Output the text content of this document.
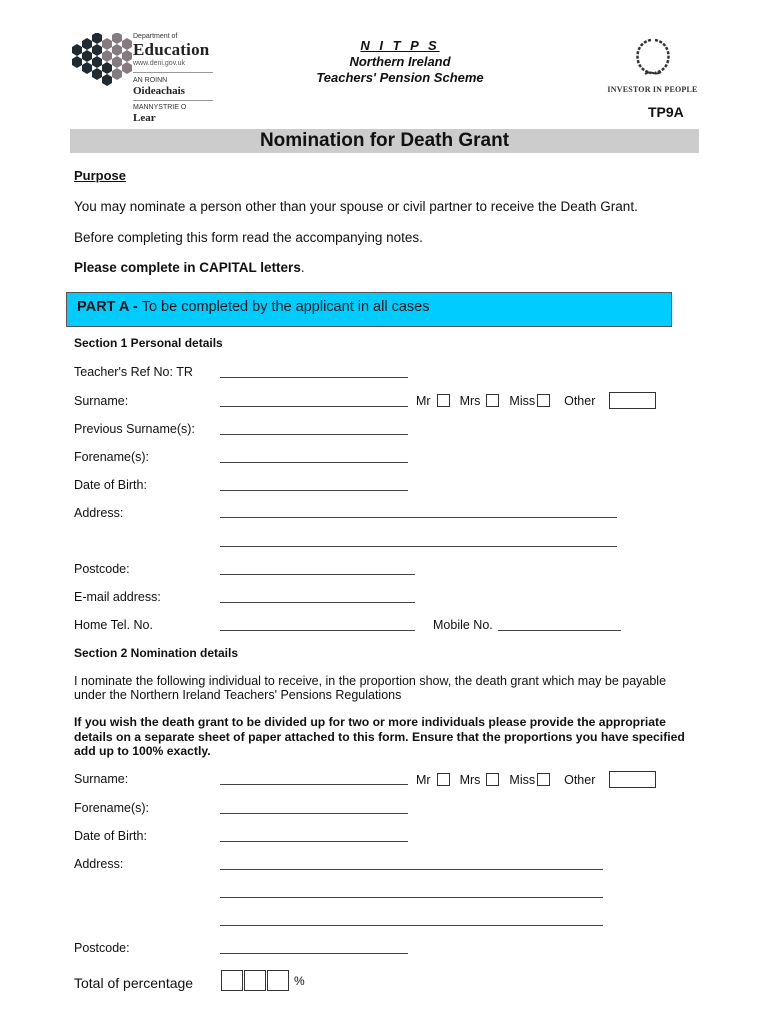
Department of
Education
www.deni.gov.uk
AN ROINN
Oideachais
MANNYSTRIE O
Lear
N I T P S
Northern Ireland
Teachers' Pension Scheme
INVESTOR IN PEOPLE
TP9A
Nomination for Death Grant
Purpose
You may nominate a person other than your spouse or civil partner to receive the Death Grant.
Before completing this form read the accompanying notes.
Please complete in CAPITAL letters.
PART A - To be completed by the applicant in all cases
Section 1 Personal details
Teacher's Ref No: TR
Surname:	Mr Mrs Miss Other
Previous Surname(s):
Forename(s):
Date of Birth:
Address:
Postcode:
E-mail address:
Home Tel. No.	Mobile No.
Section 2 Nomination details
I nominate the following individual to receive, in the proportion show, the death grant which may be payable under the Northern Ireland Teachers' Pensions Regulations
If you wish the death grant to be divided up for two or more individuals please provide the appropriate details on a separate sheet of paper attached to this form. Ensure that the proportions you have specified add up to 100% exactly.
Surname:	Mr Mrs Miss Other
Forename(s):
Date of Birth:
Address:
Postcode:
Total of percentage	%
